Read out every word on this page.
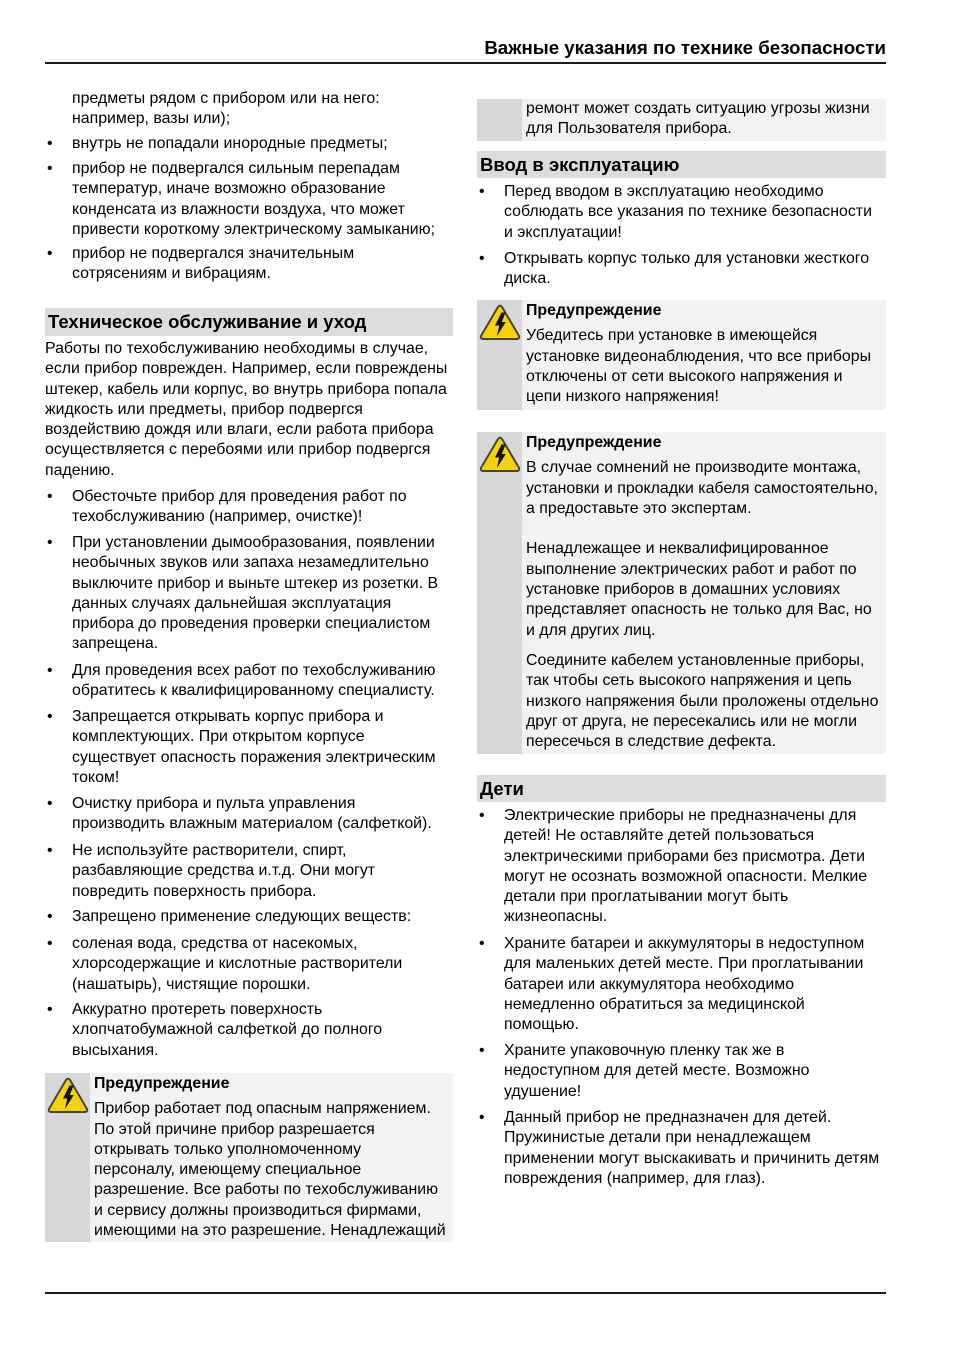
Важные указания по технике безопасности
предметы рядом с прибором или на него:
например, вазы или);
• внутрь не попадали инородные предметы;
• прибор не подвергался сильным перепадам
температур, иначе возможно образование
конденсата из влажности воздуха, что может
привести короткому электрическому замыканию;
• прибор не подвергался значительным
сотрясениям и вибрациям.
Техническое обслуживание и уход
Работы по техобслуживанию необходимы в случае,
если прибор поврежден. Например, если повреждены
штекер, кабель или корпус, во внутрь прибора попала
жидкость или предметы, прибор подвергся
воздействию дождя или влаги, если работа прибора
осуществляется с перебоями или прибор подвергся
падению.
• Обесточьте прибор для проведения работ по
техобслуживанию (например, очистке)!
• При установлении дымообразования, появлении
необычных звуков или запаха незамедлительно
выключите прибор и выньте штекер из розетки. В
данных случаях дальнейшая эксплуатация
прибора до проведения проверки специалистом
запрещена.
• Для проведения всех работ по техобслуживанию
обратитесь к квалифицированному специалисту.
• Запрещается открывать корпус прибора и
комплектующих. При открытом корпусе
существует опасность поражения электрическим
током!
• Очистку прибора и пульта управления
производить влажным материалом (салфеткой).
• Не используйте растворители, спирт,
разбавляющие средства и.т.д. Они могут
повредить поверхность прибора.
• Запрещено применение следующих веществ:
• соленая вода, средства от насекомых,
хлорсодержащие и кислотные растворители
(нашатырь), чистящие порошки.
• Аккуратно протереть поверхность
хлопчатобумажной салфеткой до полного
высыхания.
Предупреждение
Прибор работает под опасным напряжением.
По этой причине прибор разрешается
открывать только уполномоченному
персоналу, имеющему специальное
разрешение. Все работы по техобслуживанию
и сервису должны производиться фирмами,
имеющими на это разрешение. Ненадлежащий
ремонт может создать ситуацию угрозы жизни
для Пользователя прибора.
Ввод в эксплуатацию
• Перед вводом в эксплуатацию необходимо
соблюдать все указания по технике безопасности
и эксплуатации!
• Открывать корпус только для установки жесткого
диска.
Предупреждение
Убедитесь при установке в имеющейся
установке видеонаблюдения, что все приборы
отключены от сети высокого напряжения и
цепи низкого напряжения!
Предупреждение
В случае сомнений не производите монтажа,
установки и прокладки кабеля самостоятельно,
а предоставьте это экспертам.
Ненадлежащее и неквалифицированное
выполнение электрических работ и работ по
установке приборов в домашних условиях
представляет опасность не только для Вас, но
и для других лиц.
Соедините кабелем установленные приборы,
так чтобы сеть высокого напряжения и цепь
низкого напряжения были проложены отдельно
друг от друга, не пересекались или не могли
пересечься в следствие дефекта.
Дети
• Электрические приборы не предназначены для
детей! Не оставляйте детей пользоваться
электрическими приборами без присмотра. Дети
могут не осознать возможной опасности. Мелкие
детали при проглатывании могут быть
жизнеопасны.
• Храните батареи и аккумуляторы в недоступном
для маленьких детей месте. При проглатывании
батареи или аккумулятора необходимо
немедленно обратиться за медицинской
помощью.
• Храните упаковочную пленку так же в
недоступном для детей месте. Возможно
удушение!
• Данный прибор не предназначен для детей.
Пружинистые детали при ненадлежащем
применении могут выскакивать и причинить детям
повреждения (например, для глаз).
